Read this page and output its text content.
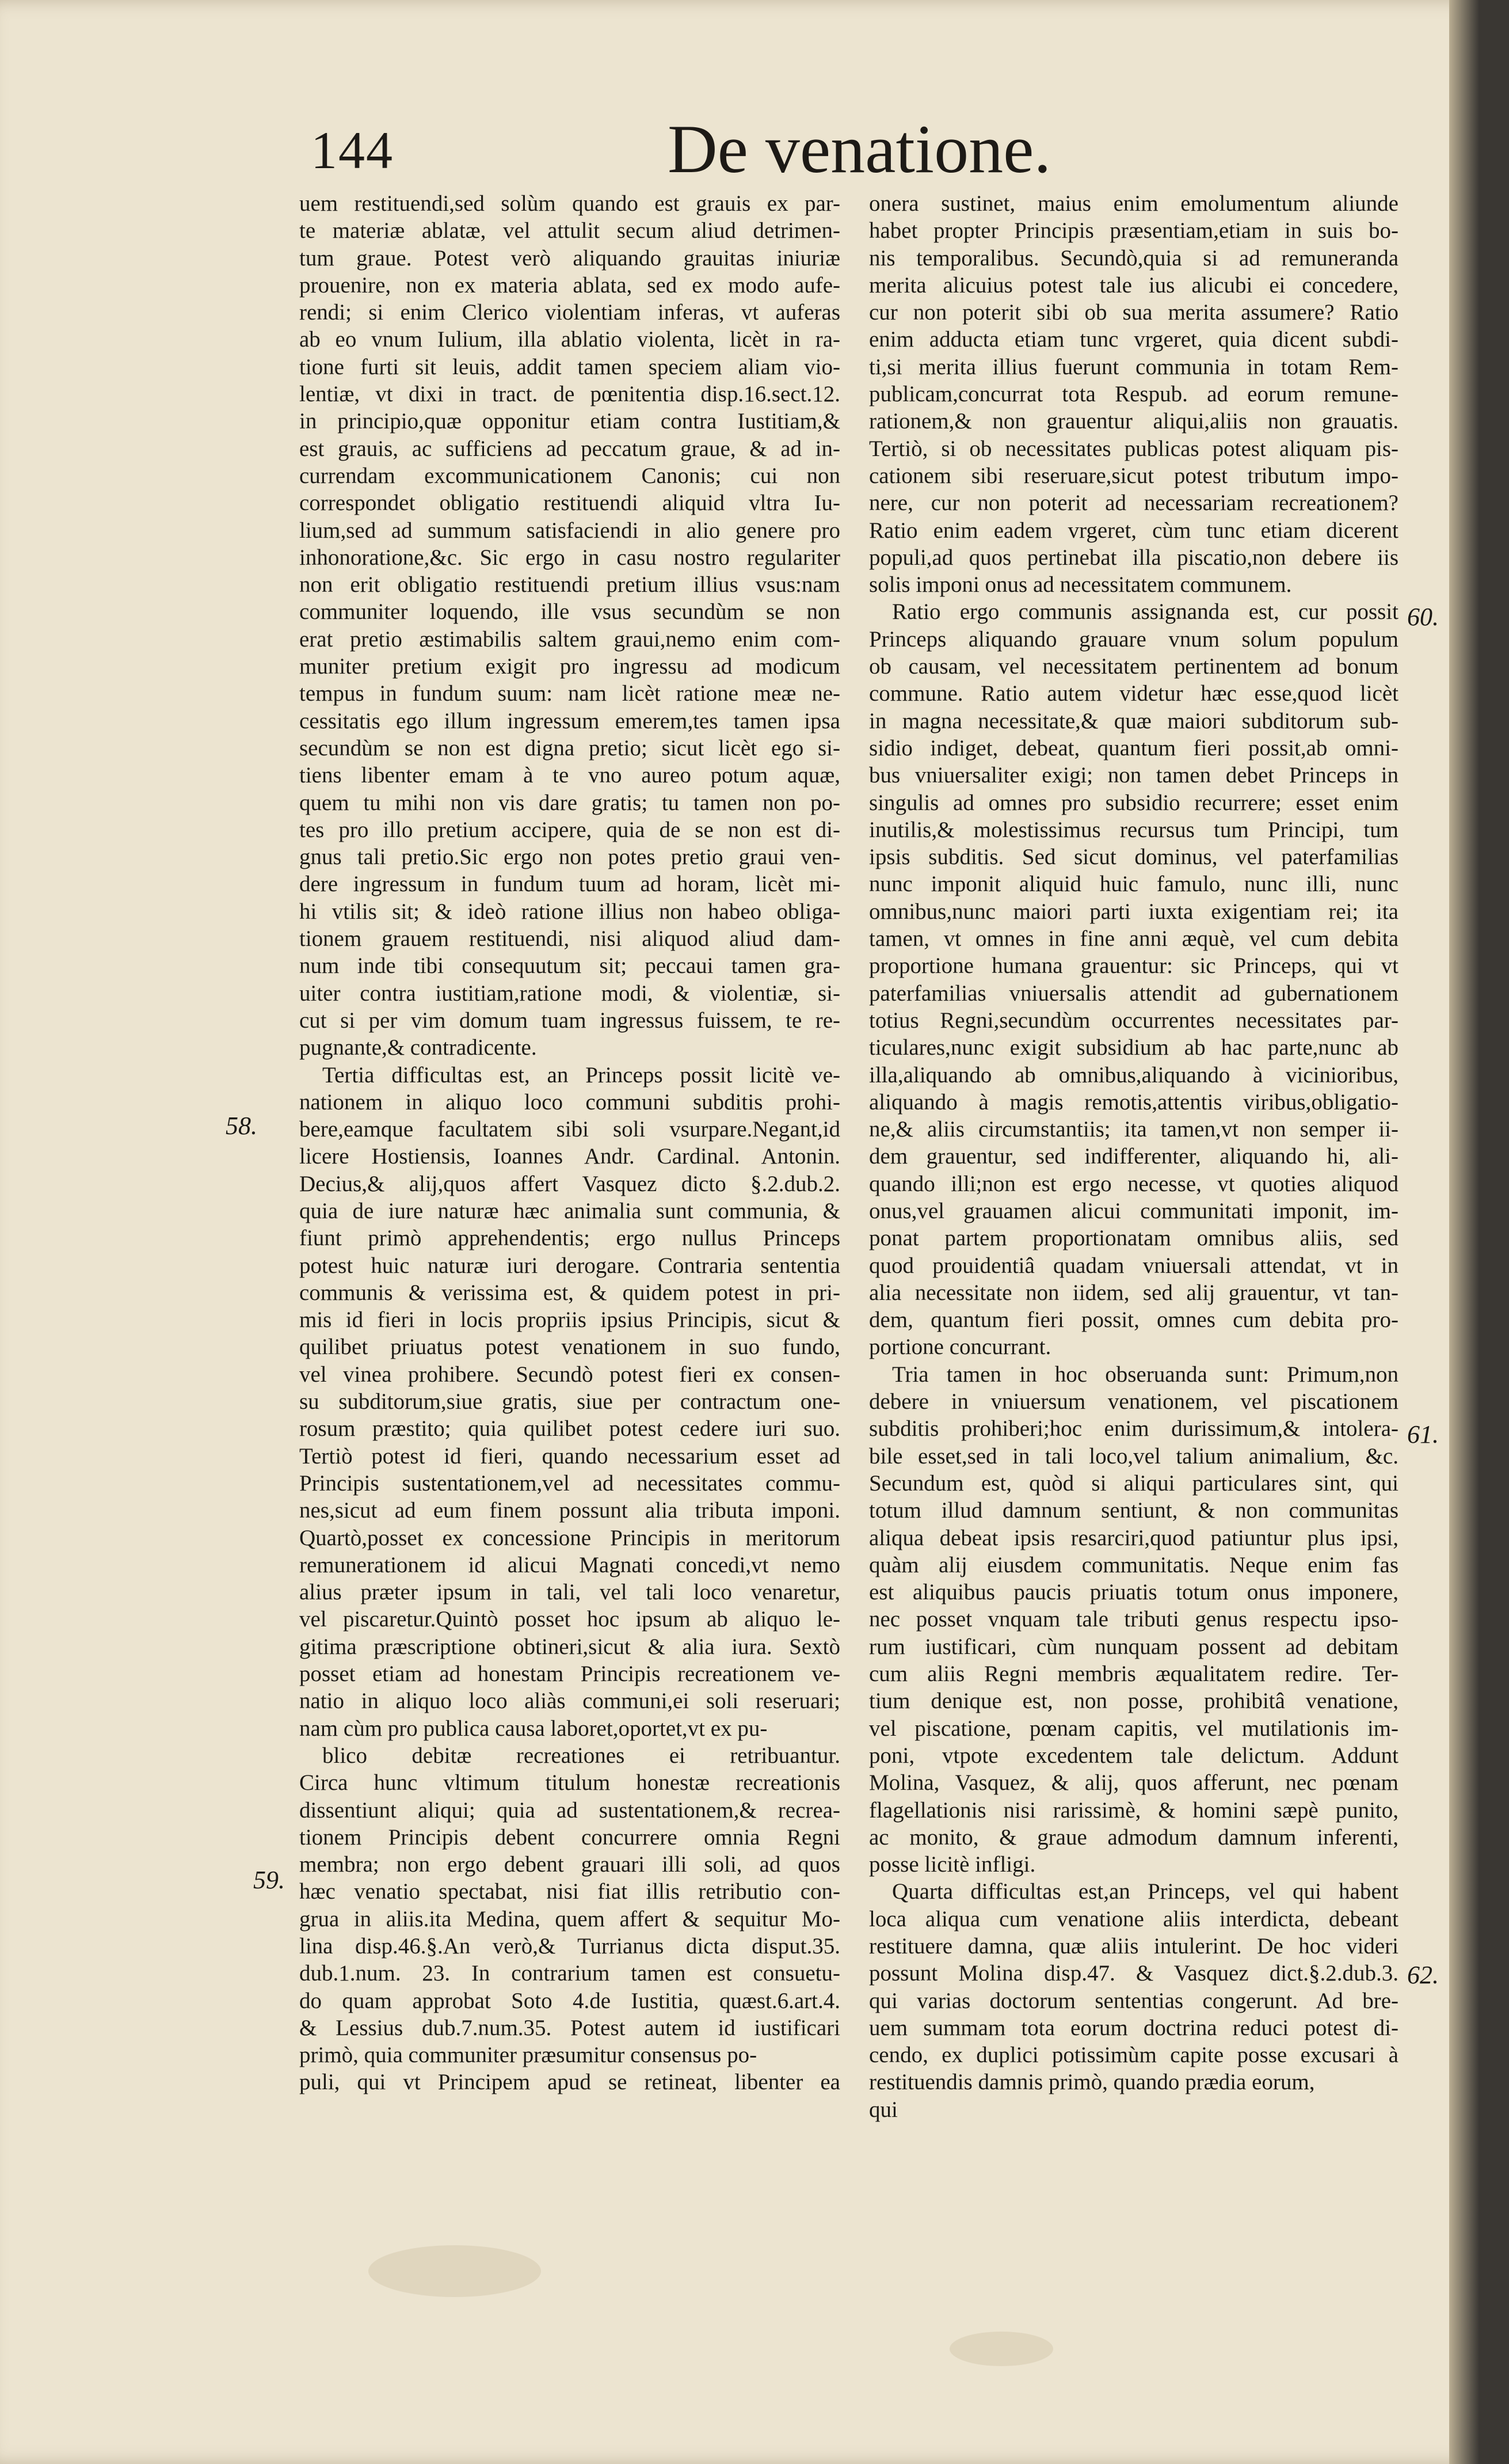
144	De venatione.
uem restituendi,sed solùm quando est grauis ex par-
te materiæ ablatæ, vel attulit secum aliud detrimen-
tum graue. Potest verò aliquando grauitas iniuriæ
prouenire, non ex materia ablata, sed ex modo aufe-
rendi; si enim Clerico violentiam inferas, vt auferas
ab eo vnum Iulium, illa ablatio violenta, licèt in ra-
tione furti sit leuis, addit tamen speciem aliam vio-
lentiæ, vt dixi in tract. de pœnitentia disp.16.sect.12.
in principio,quæ opponitur etiam contra Iustitiam,&
est grauis, ac sufficiens ad peccatum graue, & ad in-
currendam excommunicationem Canonis; cui non
correspondet obligatio restituendi aliquid vltra Iu-
lium,sed ad summum satisfaciendi in alio genere pro
inhonoratione,&c. Sic ergo in casu nostro regulariter
non erit obligatio restituendi pretium illius vsus:nam
communiter loquendo, ille vsus secundùm se non
erat pretio æstimabilis saltem graui,nemo enim com-
muniter pretium exigit pro ingressu ad modicum
tempus in fundum suum: nam licèt ratione meæ ne-
cessitatis ego illum ingressum emerem,tes tamen ipsa
secundùm se non est digna pretio; sicut licèt ego si-
tiens libenter emam à te vno aureo potum aquæ,
quem tu mihi non vis dare gratis; tu tamen non po-
tes pro illo pretium accipere, quia de se non est di-
gnus tali pretio.Sic ergo non potes pretio graui ven-
dere ingressum in fundum tuum ad horam, licèt mi-
hi vtilis sit; & ideò ratione illius non habeo obliga-
tionem grauem restituendi, nisi aliquod aliud dam-
num inde tibi consequutum sit; peccaui tamen gra-
uiter contra iustitiam,ratione modi, & violentiæ, si-
cut si per vim domum tuam ingressus fuissem, te re-
pugnante,& contradicente.
Tertia difficultas est, an Princeps possit licitè ve-
nationem in aliquo loco communi subditis prohi-
bere,eamque facultatem sibi soli vsurpare.Negant,id
licere Hostiensis, Ioannes Andr. Cardinal. Antonin.
Decius,& alij,quos affert Vasquez dicto §.2.dub.2.
quia de iure naturæ hæc animalia sunt communia, &
fiunt primò apprehendentis; ergo nullus Princeps
potest huic naturæ iuri derogare. Contraria sententia
communis & verissima est, & quidem potest in pri-
mis id fieri in locis propriis ipsius Principis, sicut &
quilibet priuatus potest venationem in suo fundo,
vel vinea prohibere. Secundò potest fieri ex consen-
su subditorum,siue gratis, siue per contractum one-
rosum præstito; quia quilibet potest cedere iuri suo.
Tertiò potest id fieri, quando necessarium esset ad
Principis sustentationem,vel ad necessitates commu-
nes,sicut ad eum finem possunt alia tributa imponi.
Quartò,posset ex concessione Principis in meritorum
remunerationem id alicui Magnati concedi,vt nemo
alius præter ipsum in tali, vel tali loco venaretur,
vel piscaretur.Quintò posset hoc ipsum ab aliquo le-
gitima præscriptione obtineri,sicut & alia iura. Sextò
posset etiam ad honestam Principis recreationem ve-
natio in aliquo loco aliàs communi,ei soli reseruari;
nam cùm pro publica causa laboret,oportet,vt ex pu-
blico debitæ recreationes ei retribuantur.
Circa hunc vltimum titulum honestæ recreationis
dissentiunt aliqui; quia ad sustentationem,& recrea-
tionem Principis debent concurrere omnia Regni
membra; non ergo debent grauari illi soli, ad quos
hæc venatio spectabat, nisi fiat illis retributio con-
grua in aliis.ita Medina, quem affert & sequitur Mo-
lina disp.46.§.An verò,& Turrianus dicta disput.35.
dub.1.num. 23. In contrarium tamen est consuetu-
do quam approbat Soto 4.de Iustitia, quæst.6.art.4.
& Lessius dub.7.num.35. Potest autem id iustificari
primò, quia communiter præsumitur consensus po-
puli, qui vt Principem apud se retineat, libenter ea
onera sustinet, maius enim emolumentum aliunde
habet propter Principis præsentiam,etiam in suis bo-
nis temporalibus. Secundò,quia si ad remuneranda
merita alicuius potest tale ius alicubi ei concedere,
cur non poterit sibi ob sua merita assumere? Ratio
enim adducta etiam tunc vrgeret, quia dicent subdi-
ti,si merita illius fuerunt communia in totam Rem-
publicam,concurrat tota Respub. ad eorum remune-
rationem,& non grauentur aliqui,aliis non grauatis.
Tertiò, si ob necessitates publicas potest aliquam pis-
cationem sibi reseruare,sicut potest tributum impo-
nere, cur non poterit ad necessariam recreationem?
Ratio enim eadem vrgeret, cùm tunc etiam dicerent
populi,ad quos pertinebat illa piscatio,non debere iis
solis imponi onus ad necessitatem communem.
Ratio ergo communis assignanda est, cur possit
Princeps aliquando grauare vnum solum populum
ob causam, vel necessitatem pertinentem ad bonum
commune. Ratio autem videtur hæc esse,quod licèt
in magna necessitate,& quæ maiori subditorum sub-
sidio indiget, debeat, quantum fieri possit,ab omni-
bus vniuersaliter exigi; non tamen debet Princeps in
singulis ad omnes pro subsidio recurrere; esset enim
inutilis,& molestissimus recursus tum Principi, tum
ipsis subditis. Sed sicut dominus, vel paterfamilias
nunc imponit aliquid huic famulo, nunc illi, nunc
omnibus,nunc maiori parti iuxta exigentiam rei; ita
tamen, vt omnes in fine anni æquè, vel cum debita
proportione humana grauentur: sic Princeps, qui vt
paterfamilias vniuersalis attendit ad gubernationem
totius Regni,secundùm occurrentes necessitates par-
ticulares,nunc exigit subsidium ab hac parte,nunc ab
illa,aliquando ab omnibus,aliquando à vicinioribus,
aliquando à magis remotis,attentis viribus,obligatio-
ne,& aliis circumstantiis; ita tamen,vt non semper ii-
dem grauentur, sed indifferenter, aliquando hi, ali-
quando illi;non est ergo necesse, vt quoties aliquod
onus,vel grauamen alicui communitati imponit, im-
ponat partem proportionatam omnibus aliis, sed
quod prouidentiâ quadam vniuersali attendat, vt in
alia necessitate non iidem, sed alij grauentur, vt tan-
dem, quantum fieri possit, omnes cum debita pro-
portione concurrant.
Tria tamen in hoc obseruanda sunt: Primum,non
debere in vniuersum venationem, vel piscationem
subditis prohiberi;hoc enim durissimum,& intolera-
bile esset,sed in tali loco,vel talium animalium, &c.
Secundum est, quòd si aliqui particulares sint, qui
totum illud damnum sentiunt, & non communitas
aliqua debeat ipsis resarciri,quod patiuntur plus ipsi,
quàm alij eiusdem communitatis. Neque enim fas
est aliquibus paucis priuatis totum onus imponere,
nec posset vnquam tale tributi genus respectu ipso-
rum iustificari, cùm nunquam possent ad debitam
cum aliis Regni membris æqualitatem redire. Ter-
tium denique est, non posse, prohibitâ venatione,
vel piscatione, pœnam capitis, vel mutilationis im-
poni, vtpote excedentem tale delictum. Addunt
Molina, Vasquez, & alij, quos afferunt, nec pœnam
flagellationis nisi rarissimè, & homini sæpè punito,
ac monito, & graue admodum damnum inferenti,
posse licitè infligi.
Quarta difficultas est,an Princeps, vel qui habent
loca aliqua cum venatione aliis interdicta, debeant
restituere damna, quæ aliis intulerint. De hoc videri
possunt Molina disp.47. & Vasquez dict.§.2.dub.3.
qui varias doctorum sententias congerunt. Ad bre-
uem summam tota eorum doctrina reduci potest di-
cendo, ex duplici potissimùm capite posse excusari à
restituendis damnis primò, quando prædia eorum,
qui
58.
59.
60.
61.
62.
